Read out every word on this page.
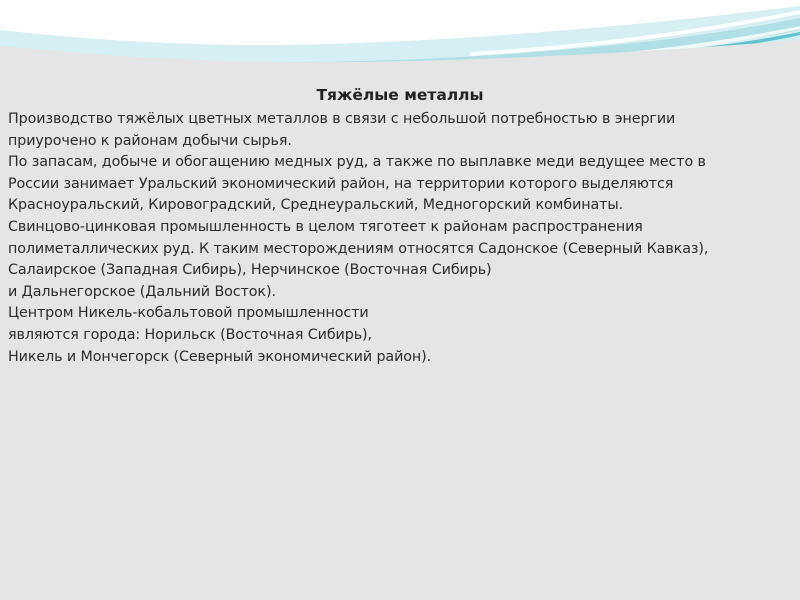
Тяжёлые металлы
Производство тяжёлых цветных металлов в связи с небольшой потребностью в энергии
приурочено к районам добычи сырья.
По запасам, добыче и обогащению медных руд, а также по выплавке меди ведущее место в
России занимает Уральский экономический район, на территории которого выделяются
Красноуральский, Кировоградский, Среднеуральский, Медногорский комбинаты.
Свинцово-цинковая промышленность в целом тяготеет к районам распространения
полиметаллических руд. К таким месторождениям относятся Садонское (Северный Кавказ),
Салаирское (Западная Сибирь), Нерчинское (Восточная Сибирь)
и Дальнегорское (Дальний Восток).
Центром Никель-кобальтовой промышленности
являются города: Норильск (Восточная Сибирь),
Никель и Мончегорск (Северный экономический район).
